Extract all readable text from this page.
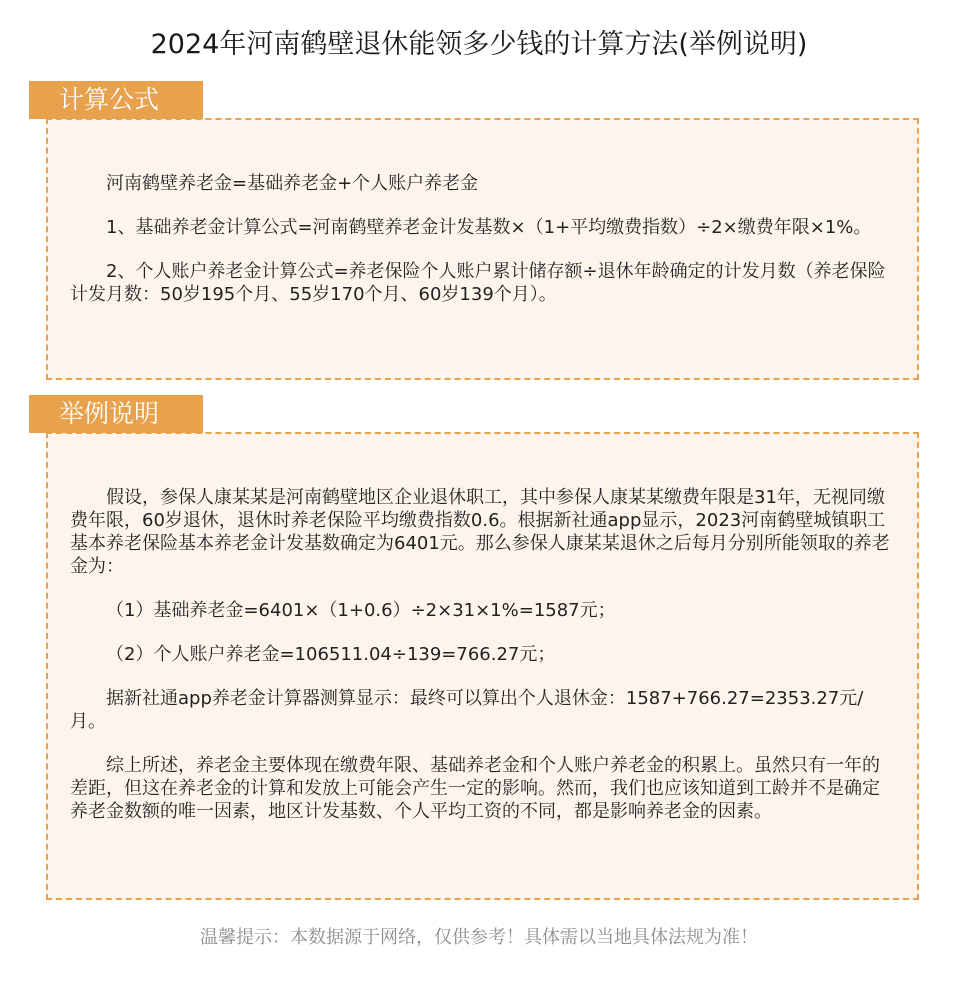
2024年河南鹤壁退休能领多少钱的计算方法(举例说明)

河南鹤壁养老金=基础养老金+个人账户养老金

1、基础养老金计算公式=河南鹤壁养老金计发基数×（1+平均缴费指数）÷2×缴费年限×1%。

2、个人账户养老金计算公式=养老保险个人账户累计储存额÷退休年龄确定的计发月数（养老保险计发月数：50岁195个月、55岁170个月、60岁139个月）。

计算公式

假设，参保人康某某是河南鹤壁地区企业退休职工，其中参保人康某某缴费年限是31年，无视同缴费年限，60岁退休，退休时养老保险平均缴费指数0.6。根据新社通app显示，2023河南鹤壁城镇职工基本养老保险基本养老金计发基数确定为6401元。那么参保人康某某退休之后每月分别所能领取的养老金为：

（1）基础养老金=6401×（1+0.6）÷2×31×1%=1587元；

（2）个人账户养老金=106511.04÷139=766.27元；

据新社通app养老金计算器测算显示：最终可以算出个人退休金：1587+766.27=2353.27元/月。

综上所述，养老金主要体现在缴费年限、基础养老金和个人账户养老金的积累上。虽然只有一年的差距，但这在养老金的计算和发放上可能会产生一定的影响。然而，我们也应该知道到工龄并不是确定养老金数额的唯一因素，地区计发基数、个人平均工资的不同，都是影响养老金的因素。

举例说明
温馨提示：本数据源于网络，仅供参考！具体需以当地具体法规为准！
